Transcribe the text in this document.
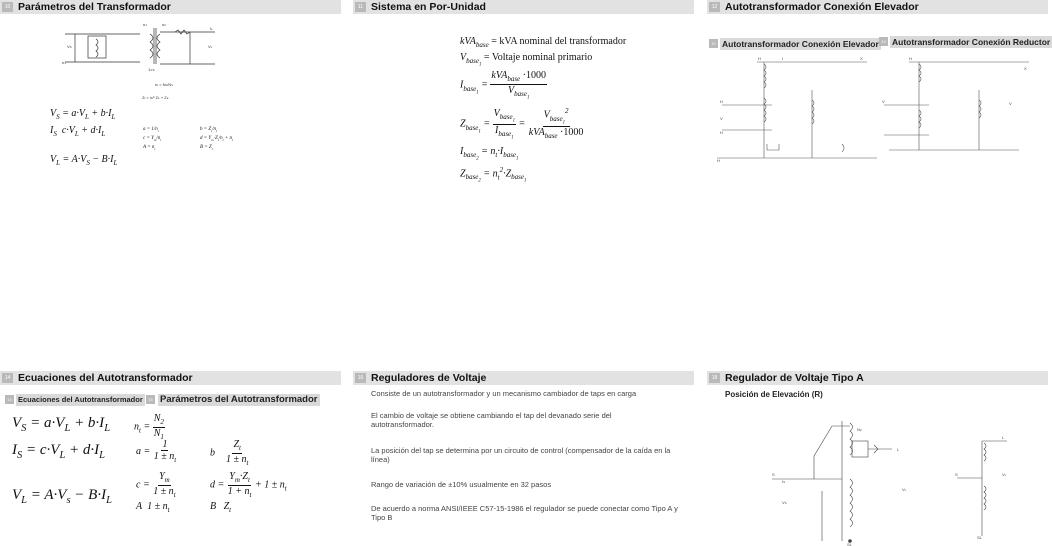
10 Parámetros del Transformador
VS
n1
n1	n2
IL
VL
1:nt
nt = N2/N1
Zt = nt²·Z1 + Z2
$V_S = a\cdot V_L + b\cdot I_L$
$I_S$  $c\cdot V_L + d\cdot I_L$
$V_L = A\cdot V_S - B\cdot I_L$
$a = 1/n_t$
$c = Y_m/n_t$
$A = n_t$
$b = Z_t/n_t$
$d = Y_m\cdot Z_t/n_t + n_t$
$B = Z_t$
11 Sistema en Por-Unidad
kVA$_{base}$ = kVA nominal del transformador
$V_{base_1}$ = Voltaje nominal primario
$I_{base_1} = \frac{kVA_{base} \cdot 1000}{V_{base_1}}$
$Z_{base_1} = \frac{V_{base_1}}{I_{base_1}} = \frac{V_{base_1}^2}{kVA_{base} \cdot 1000}$
$I_{base_2} = n_t\cdot I_{base_1}$
$Z_{base_2} = n_t^2\cdot Z_{base_1}$
12 Autotransformador Conexión Elevador
12 Autotransformador Conexión Elevador 13 Autotransformador Conexión Reductor
H	I	X
H
V
H
H
H
X
V	V
14 Ecuaciones del Autotransformador
14 Ecuaciones del Autotransformador	15 Parámetros del Autotransformador
$V_S = a\cdot V_L + b\cdot I_L$
$I_S = c\cdot V_L + d\cdot I_L$
$V_L = A\cdot V_s - B\cdot I_L$
$n_t = \frac{N_2}{N_1}$
$a = \frac{1}{1 \pm n_t}$	b $\frac{Z_t}{1 \pm n_t}$
$c = \frac{Y_m}{1 \pm n_t}$	$d = \frac{Y_m\cdot Z_t}{1 + n_t} + 1 \pm n_t$
A  $1 \pm n_t$	B   $Z_t$
16 Reguladores de Voltaje
Consiste de un autotransformador y un mecanismo cambiador de taps en carga
El cambio de voltaje se obtiene cambiando el tap del devanado serie del autotransformador.
La posición del tap se determina por un circuito de control (compensador de la caída en la línea)
Rango de variación de ±10% usualmente en 32 pasos
De acuerdo a norma ANSI/IEEE C57-15-1986 el regulador se puede conectar como Tipo A y Tipo B
18 Regulador de Voltaje Tipo A
Posición de Elevación (R)
S
IS
VS
N2
VL
L
SL
S
L
VL
SL
